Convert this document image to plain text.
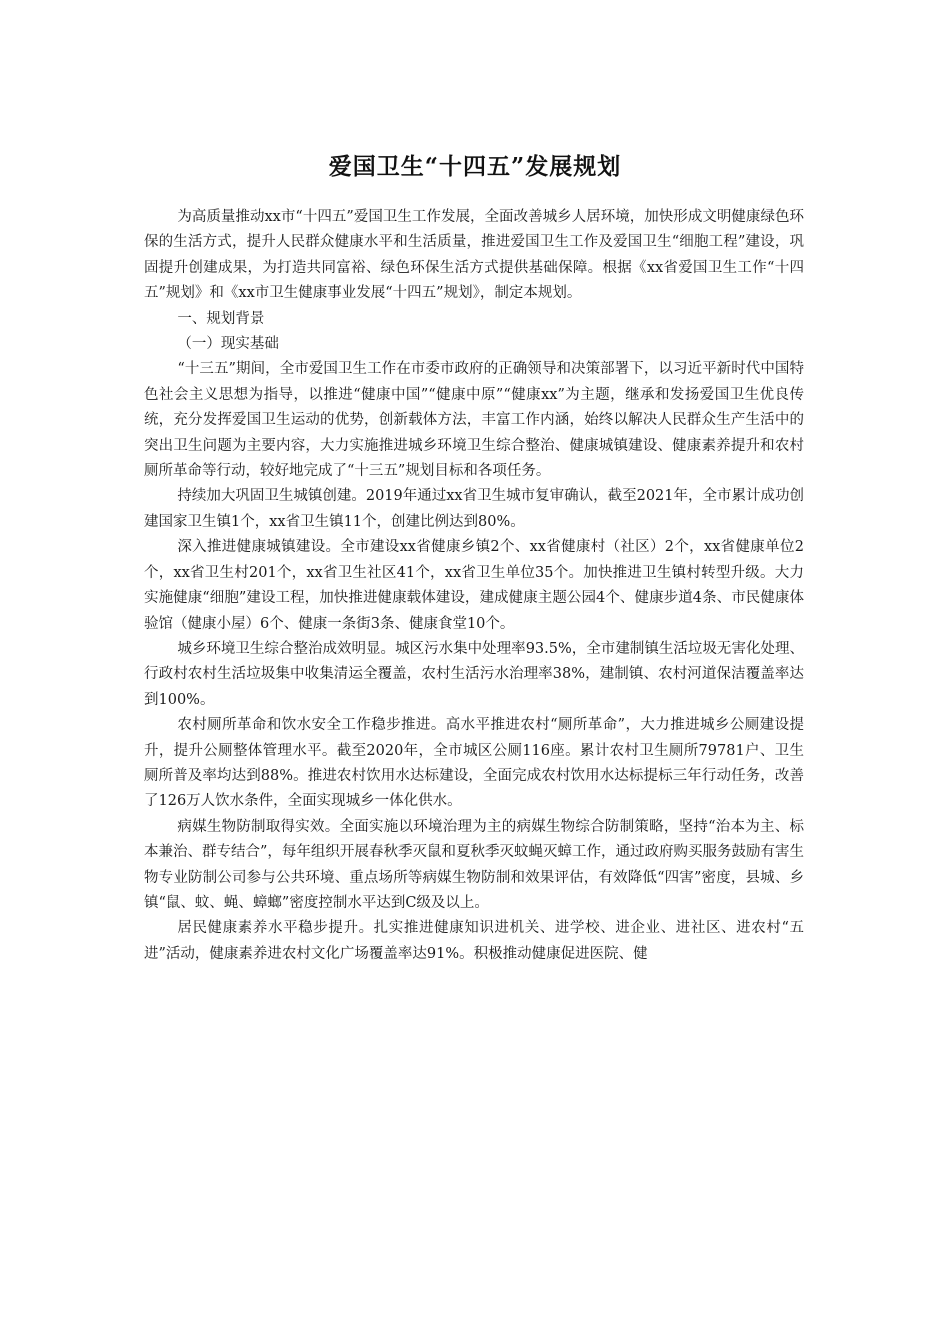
爱国卫生“十四五”发展规划

为高质量推动xx市“十四五”爱国卫生工作发展，全面改善城乡人居环境，加快形成文明健康绿色环保的生活方式，提升人民群众健康水平和生活质量，推进爱国卫生工作及爱国卫生“细胞工程”建设，巩固提升创建成果，为打造共同富裕、绿色环保生活方式提供基础保障。根据《xx省爱国卫生工作“十四五”规划》和《xx市卫生健康事业发展“十四五”规划》，制定本规划。

一、规划背景

（一）现实基础

“十三五”期间，全市爱国卫生工作在市委市政府的正确领导和决策部署下，以习近平新时代中国特色社会主义思想为指导，以推进“健康中国”“健康中原”“健康xx”为主题，继承和发扬爱国卫生优良传统，充分发挥爱国卫生运动的优势，创新载体方法，丰富工作内涵，始终以解决人民群众生产生活中的突出卫生问题为主要内容，大力实施推进城乡环境卫生综合整治、健康城镇建设、健康素养提升和农村厕所革命等行动，较好地完成了“十三五”规划目标和各项任务。

持续加大巩固卫生城镇创建。2019年通过xx省卫生城市复审确认，截至2021年，全市累计成功创建国家卫生镇1个，xx省卫生镇11个，创建比例达到80%。

深入推进健康城镇建设。全市建设xx省健康乡镇2个、xx省健康村（社区）2个，xx省健康单位2个，xx省卫生村201个，xx省卫生社区41个，xx省卫生单位35个。加快推进卫生镇村转型升级。大力实施健康“细胞”建设工程，加快推进健康载体建设，建成健康主题公园4个、健康步道4条、市民健康体验馆（健康小屋）6个、健康一条街3条、健康食堂10个。

城乡环境卫生综合整治成效明显。城区污水集中处理率93.5%，全市建制镇生活垃圾无害化处理、行政村农村生活垃圾集中收集清运全覆盖，农村生活污水治理率38%，建制镇、农村河道保洁覆盖率达到100%。

农村厕所革命和饮水安全工作稳步推进。高水平推进农村“厕所革命”，大力推进城乡公厕建设提升，提升公厕整体管理水平。截至2020年，全市城区公厕116座。累计农村卫生厕所79781户、卫生厕所普及率均达到88%。推进农村饮用水达标建设，全面完成农村饮用水达标提标三年行动任务，改善了126万人饮水条件，全面实现城乡一体化供水。

病媒生物防制取得实效。全面实施以环境治理为主的病媒生物综合防制策略，坚持“治本为主、标本兼治、群专结合”，每年组织开展春秋季灭鼠和夏秋季灭蚊蝇灭蟑工作，通过政府购买服务鼓励有害生物专业防制公司参与公共环境、重点场所等病媒生物防制和效果评估，有效降低“四害”密度，县城、乡镇“鼠、蚊、蝇、蟑螂”密度控制水平达到C级及以上。

居民健康素养水平稳步提升。扎实推进健康知识进机关、进学校、进企业、进社区、进农村“五进”活动，健康素养进农村文化广场覆盖率达91%。积极推动健康促进医院、健
